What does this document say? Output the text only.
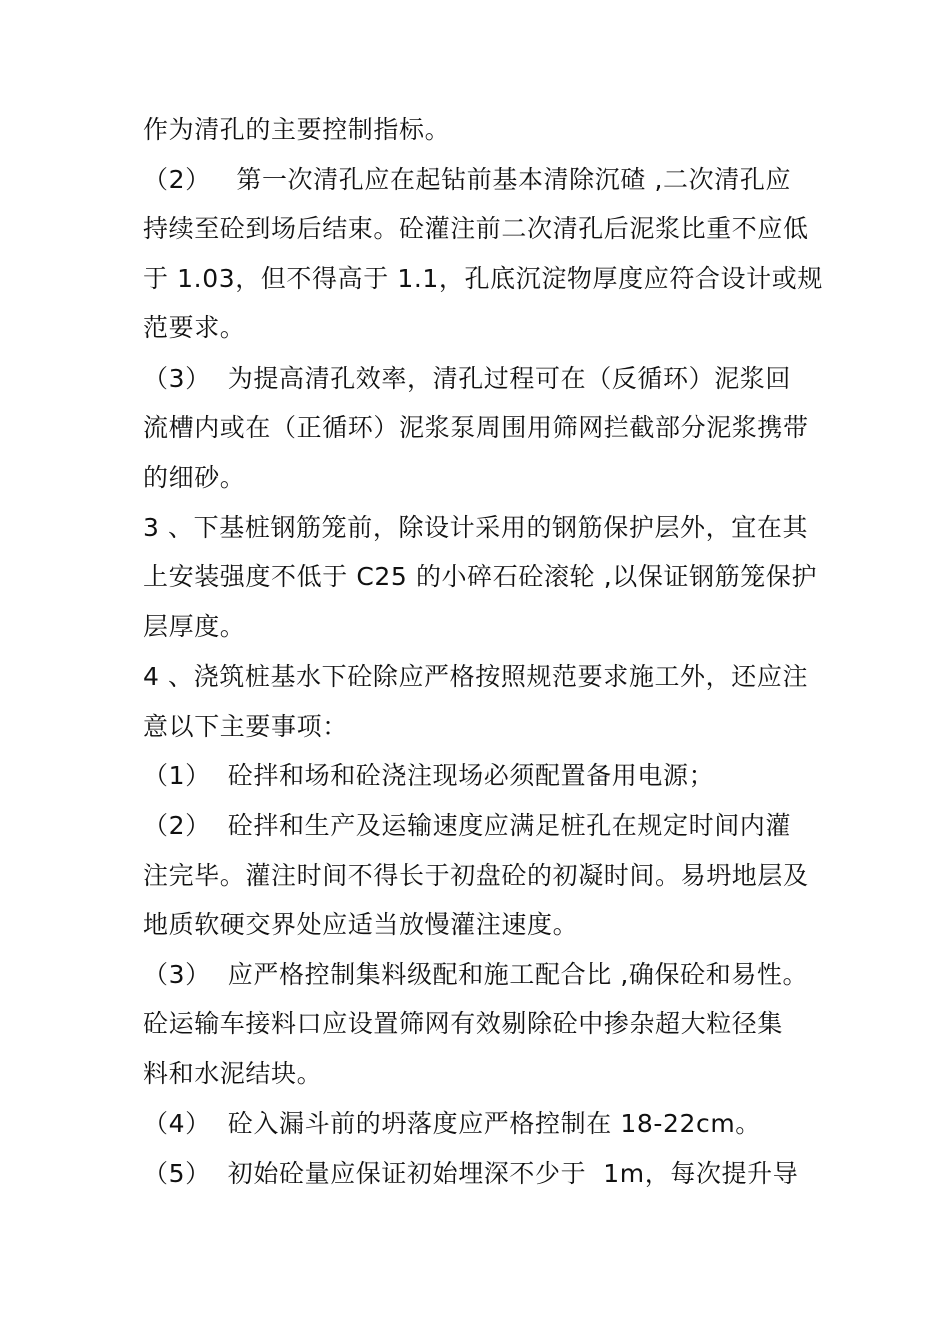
作为清孔的主要控制指标。
（2）   第一次清孔应在起钻前基本清除沉碴 ,二次清孔应
持续至砼到场后结束。砼灌注前二次清孔后泥浆比重不应低
于 1.03，但不得高于 1.1，孔底沉淀物厚度应符合设计或规
范要求。
（3）  为提高清孔效率，清孔过程可在（反循环）泥浆回
流槽内或在（正循环）泥浆泵周围用筛网拦截部分泥浆携带
的细砂。
3 、下基桩钢筋笼前，除设计采用的钢筋保护层外，宜在其
上安装强度不低于 C25 的小碎石砼滚轮 ,以保证钢筋笼保护
层厚度。
4 、浇筑桩基水下砼除应严格按照规范要求施工外，还应注
意以下主要事项：
（1）  砼拌和场和砼浇注现场必须配置备用电源；
（2）  砼拌和生产及运输速度应满足桩孔在规定时间内灌
注完毕。灌注时间不得长于初盘砼的初凝时间。易坍地层及
地质软硬交界处应适当放慢灌注速度。
（3）  应严格控制集料级配和施工配合比 ,确保砼和易性。
砼运输车接料口应设置筛网有效剔除砼中掺杂超大粒径集
料和水泥结块。
（4）  砼入漏斗前的坍落度应严格控制在 18-22cm。
（5）  初始砼量应保证初始埋深不少于  1m，每次提升导
